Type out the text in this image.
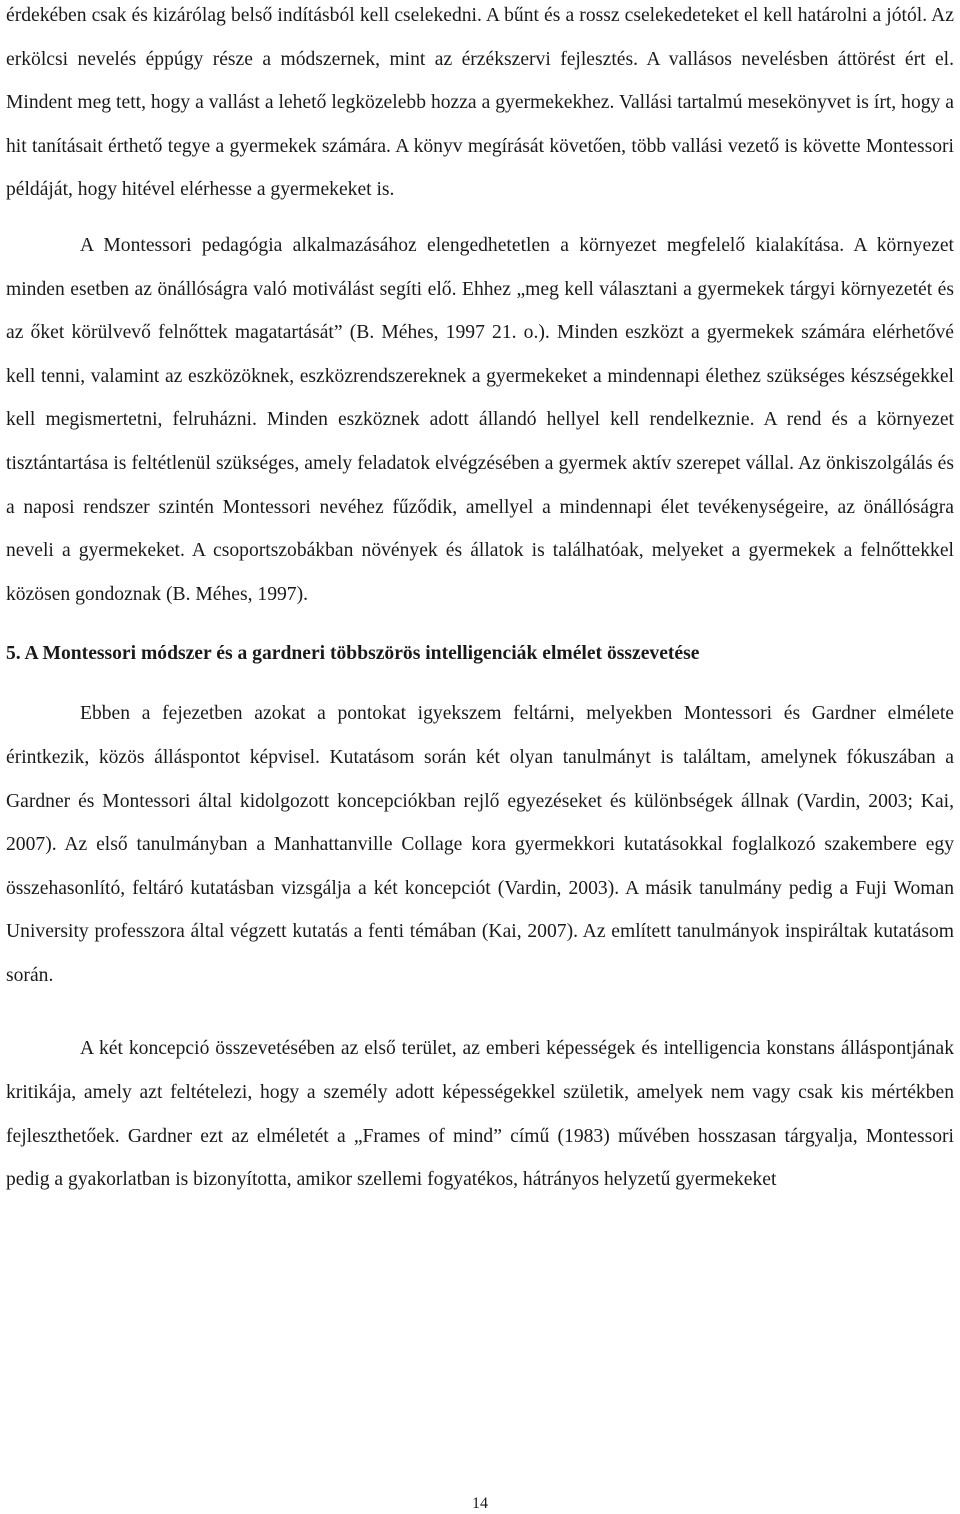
érdekében csak és kizárólag belső indításból kell cselekedni. A bűnt és a rossz cselekedeteket el kell határolni a jótól. Az erkölcsi nevelés éppúgy része a módszernek, mint az érzékszervi fejlesztés. A vallásos nevelésben áttörést ért el. Mindent meg tett, hogy a vallást a lehető legközelebb hozza a gyermekekhez. Vallási tartalmú mesekönyvet is írt, hogy a hit tanításait érthető tegye a gyermekek számára. A könyv megírását követően, több vallási vezető is követte Montessori példáját, hogy hitével elérhesse a gyermekeket is.

A Montessori pedagógia alkalmazásához elengedhetetlen a környezet megfelelő kialakítása. A környezet minden esetben az önállóságra való motiválást segíti elő. Ehhez „meg kell választani a gyermekek tárgyi környezetét és az őket körülvevő felnőttek magatartását” (B. Méhes, 1997 21. o.). Minden eszközt a gyermekek számára elérhetővé kell tenni, valamint az eszközöknek, eszközrendszereknek a gyermekeket a mindennapi élethez szükséges készségekkel kell megismertetni, felruházni. Minden eszköznek adott állandó hellyel kell rendelkeznie. A rend és a környezet tisztántartása is feltétlenül szükséges, amely feladatok elvégzésében a gyermek aktív szerepet vállal. Az önkiszolgálás és a naposi rendszer szintén Montessori nevéhez fűződik, amellyel a mindennapi élet tevékenységeire, az önállóságra neveli a gyermekeket. A csoportszobákban növények és állatok is találhatóak, melyeket a gyermekek a felnőttekkel közösen gondoznak (B. Méhes, 1997).

5. A Montessori módszer és a gardneri többszörös intelligenciák elmélet összevetése

Ebben a fejezetben azokat a pontokat igyekszem feltárni, melyekben Montessori és Gardner elmélete érintkezik, közös álláspontot képvisel. Kutatásom során két olyan tanulmányt is találtam, amelynek fókuszában a Gardner és Montessori által kidolgozott koncepciókban rejlő egyezéseket és különbségek állnak (Vardin, 2003; Kai, 2007). Az első tanulmányban a Manhattanville Collage kora gyermekkori kutatásokkal foglalkozó szakembere egy összehasonlító, feltáró kutatásban vizsgálja a két koncepciót (Vardin, 2003). A másik tanulmány pedig a Fuji Woman University professzora által végzett kutatás a fenti témában (Kai, 2007). Az említett tanulmányok inspiráltak kutatásom során.

A két koncepció összevetésében az első terület, az emberi képességek és intelligencia konstans álláspontjának kritikája, amely azt feltételezi, hogy a személy adott képességekkel születik, amelyek nem vagy csak kis mértékben fejleszthetőek. Gardner ezt az elméletét a „Frames of mind” című (1983) művében hosszasan tárgyalja, Montessori pedig a gyakorlatban is bizonyította, amikor szellemi fogyatékos, hátrányos helyzetű gyermekeket

14
